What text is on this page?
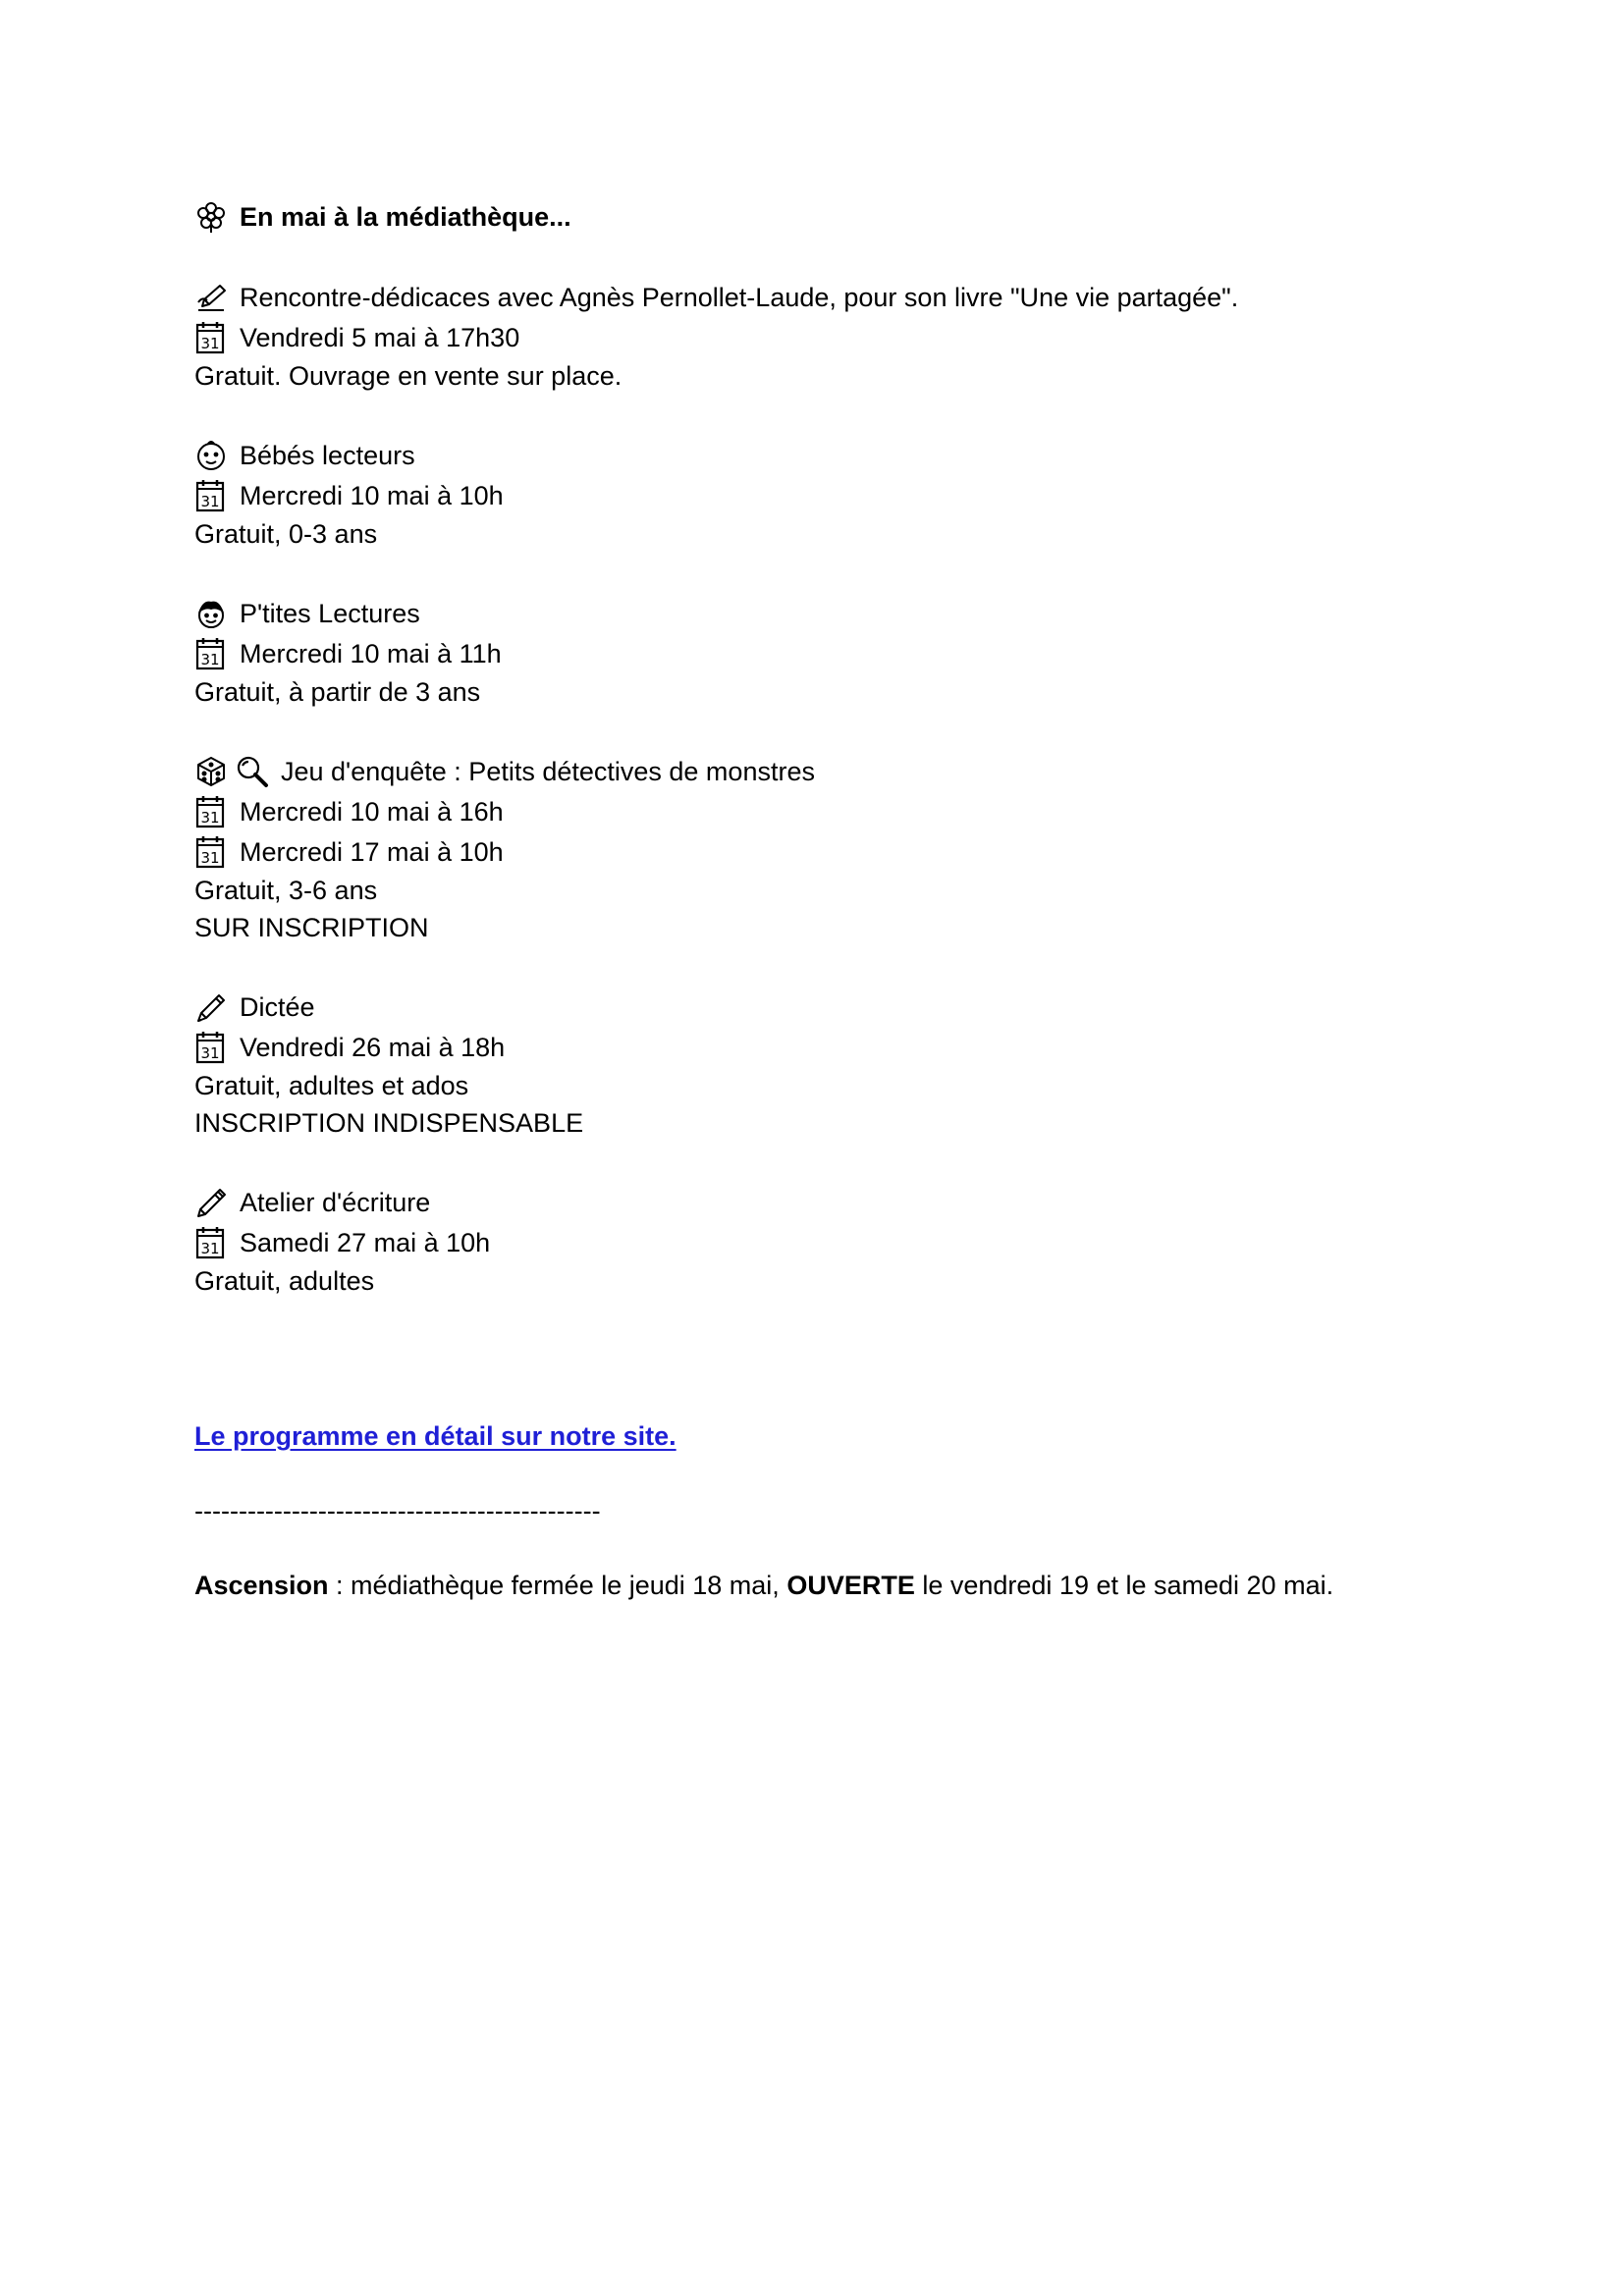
En mai à la médiathèque...
Rencontre-dédicaces avec Agnès Pernollet-Laude, pour son livre "Une vie partagée".
31 Vendredi 5 mai à 17h30
Gratuit. Ouvrage en vente sur place.
Bébés lecteurs
31 Mercredi 10 mai à 10h
Gratuit, 0-3 ans
P'tites Lectures
31 Mercredi 10 mai à 11h
Gratuit, à partir de 3 ans
Jeu d'enquête : Petits détectives de monstres
31 Mercredi 10 mai à 16h
31 Mercredi 17 mai à 10h
Gratuit, 3-6 ans
SUR INSCRIPTION
Dictée
31 Vendredi 26 mai à 18h
Gratuit, adultes et ados
INSCRIPTION INDISPENSABLE
Atelier d'écriture
31 Samedi 27 mai à 10h
Gratuit, adultes
Le programme en détail sur notre site.
----------------------------------------------
Ascension : médiathèque fermée le jeudi 18 mai, OUVERTE le vendredi 19 et le samedi 20 mai.
